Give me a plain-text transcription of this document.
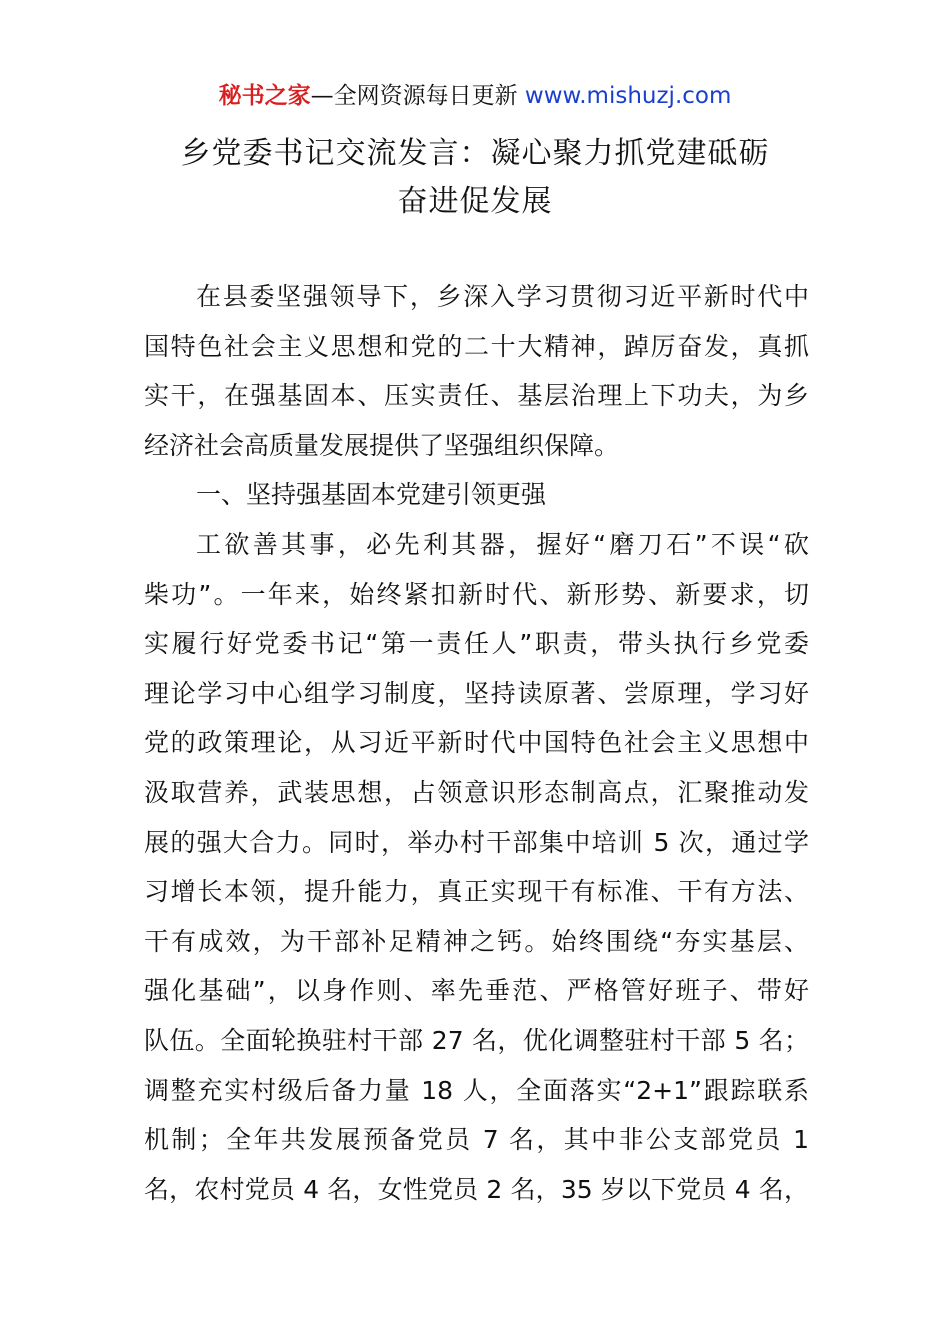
秘书之家—全网资源每日更新 www.mishuzj.com
乡党委书记交流发言：凝心聚力抓党建砥砺
奋进促发展
在县委坚强领导下，乡深入学习贯彻习近平新时代中
国特色社会主义思想和党的二十大精神，踔厉奋发，真抓
实干，在强基固本、压实责任、基层治理上下功夫，为乡
经济社会高质量发展提供了坚强组织保障。
一、坚持强基固本党建引领更强
工欲善其事，必先利其器，握好“磨刀石”不误“砍
柴功”。一年来，始终紧扣新时代、新形势、新要求，切
实履行好党委书记“第一责任人”职责，带头执行乡党委
理论学习中心组学习制度，坚持读原著、尝原理，学习好
党的政策理论，从习近平新时代中国特色社会主义思想中
汲取营养，武装思想，占领意识形态制高点，汇聚推动发
展的强大合力。同时，举办村干部集中培训 5 次，通过学
习增长本领，提升能力，真正实现干有标准、干有方法、
干有成效，为干部补足精神之钙。始终围绕“夯实基层、
强化基础”，以身作则、率先垂范、严格管好班子、带好
队伍。全面轮换驻村干部 27 名，优化调整驻村干部 5 名；
调整充实村级后备力量 18 人，全面落实“2+1”跟踪联系
机制；全年共发展预备党员 7 名，其中非公支部党员 1
名，农村党员 4 名，女性党员 2 名，35 岁以下党员 4 名，
